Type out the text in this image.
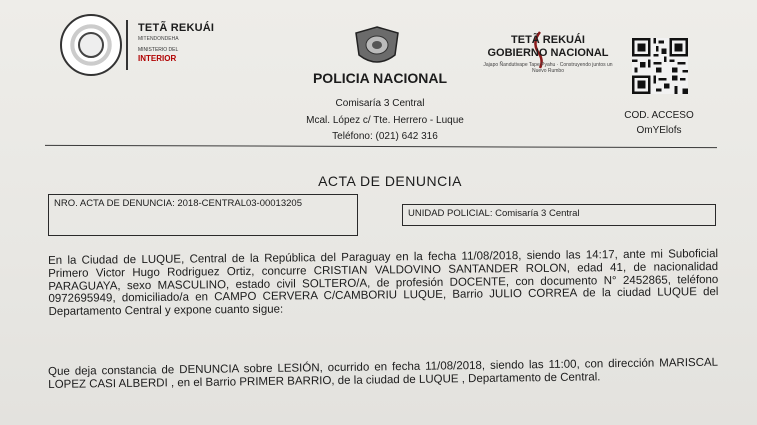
TETÃ REKUÁI
MITENDONDEHA
MINISTERIO DEL
INTERIOR
POLICIA NACIONAL
Comisaría 3 Central
Mcal. López c/ Tte. Herrero - Luque
Teléfono: (021) 642 316
TETÃ REKUÁI
GOBIERNO NACIONAL
Jajapo Ñandutivape Tape Pyahu · Construyendo juntos un Nuevo Rumbo
COD. ACCESO
OmYElofs
ACTA DE DENUNCIA
NRO. ACTA DE DENUNCIA: 2018-CENTRAL03-00013205
UNIDAD POLICIAL: Comisaría 3 Central
En la Ciudad de LUQUE, Central de la República del Paraguay en la fecha 11/08/2018, siendo las 14:17, ante mi Suboficial Primero Victor Hugo Rodriguez Ortiz, concurre CRISTIAN VALDOVINO SANTANDER ROLON, edad 41, de nacionalidad PARAGUAYA, sexo MASCULINO, estado civil SOLTERO/A, de profesión DOCENTE, con documento N° 2452865, teléfono 0972695949, domiciliado/a en CAMPO CERVERA C/CAMBORIU LUQUE, Barrio JULIO CORREA de la ciudad LUQUE del Departamento Central y expone cuanto sigue:
Que deja constancia de DENUNCIA sobre LESIÓN, ocurrido en fecha 11/08/2018, siendo las 11:00, con dirección MARISCAL LOPEZ CASI ALBERDI , en el Barrio PRIMER BARRIO, de la ciudad de LUQUE , Departamento de Central.
